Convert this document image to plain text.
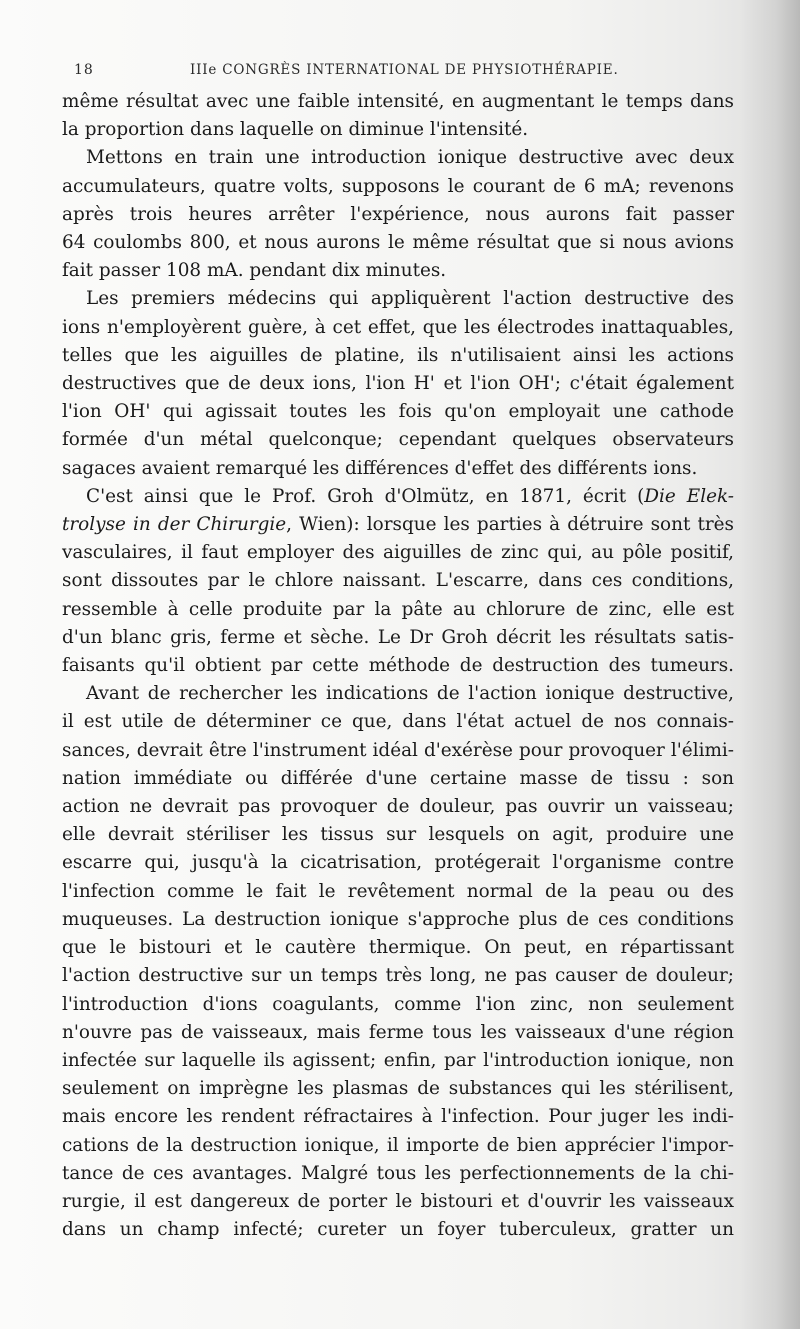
18	IIIe CONGRÈS INTERNATIONAL DE PHYSIOTHÉRAPIE.
même résultat avec une faible intensité, en augmentant le temps dans
la proportion dans laquelle on diminue l'intensité.
Mettons en train une introduction ionique destructive avec deux
accumulateurs, quatre volts, supposons le courant de 6 mA; revenons
après trois heures arrêter l'expérience, nous aurons fait passer
64 coulombs 800, et nous aurons le même résultat que si nous avions
fait passer 108 mA. pendant dix minutes.
Les premiers médecins qui appliquèrent l'action destructive des
ions n'employèrent guère, à cet effet, que les électrodes inattaquables,
telles que les aiguilles de platine, ils n'utilisaient ainsi les actions
destructives que de deux ions, l'ion H' et l'ion OH'; c'était également
l'ion OH' qui agissait toutes les fois qu'on employait une cathode
formée d'un métal quelconque; cependant quelques observateurs
sagaces avaient remarqué les différences d'effet des différents ions.
C'est ainsi que le Prof. Groh d'Olmütz, en 1871, écrit (Die Elek-
trolyse in der Chirurgie, Wien): lorsque les parties à détruire sont très
vasculaires, il faut employer des aiguilles de zinc qui, au pôle positif,
sont dissoutes par le chlore naissant. L'escarre, dans ces conditions,
ressemble à celle produite par la pâte au chlorure de zinc, elle est
d'un blanc gris, ferme et sèche. Le Dr Groh décrit les résultats satis-
faisants qu'il obtient par cette méthode de destruction des tumeurs.
Avant de rechercher les indications de l'action ionique destructive,
il est utile de déterminer ce que, dans l'état actuel de nos connais-
sances, devrait être l'instrument idéal d'exérèse pour provoquer l'élimi-
nation immédiate ou différée d'une certaine masse de tissu : son
action ne devrait pas provoquer de douleur, pas ouvrir un vaisseau;
elle devrait stériliser les tissus sur lesquels on agit, produire une
escarre qui, jusqu'à la cicatrisation, protégerait l'organisme contre
l'infection comme le fait le revêtement normal de la peau ou des
muqueuses. La destruction ionique s'approche plus de ces conditions
que le bistouri et le cautère thermique. On peut, en répartissant
l'action destructive sur un temps très long, ne pas causer de douleur;
l'introduction d'ions coagulants, comme l'ion zinc, non seulement
n'ouvre pas de vaisseaux, mais ferme tous les vaisseaux d'une région
infectée sur laquelle ils agissent; enfin, par l'introduction ionique, non
seulement on imprègne les plasmas de substances qui les stérilisent,
mais encore les rendent réfractaires à l'infection. Pour juger les indi-
cations de la destruction ionique, il importe de bien apprécier l'impor-
tance de ces avantages. Malgré tous les perfectionnements de la chi-
rurgie, il est dangereux de porter le bistouri et d'ouvrir les vaisseaux
dans un champ infecté; cureter un foyer tuberculeux, gratter un
